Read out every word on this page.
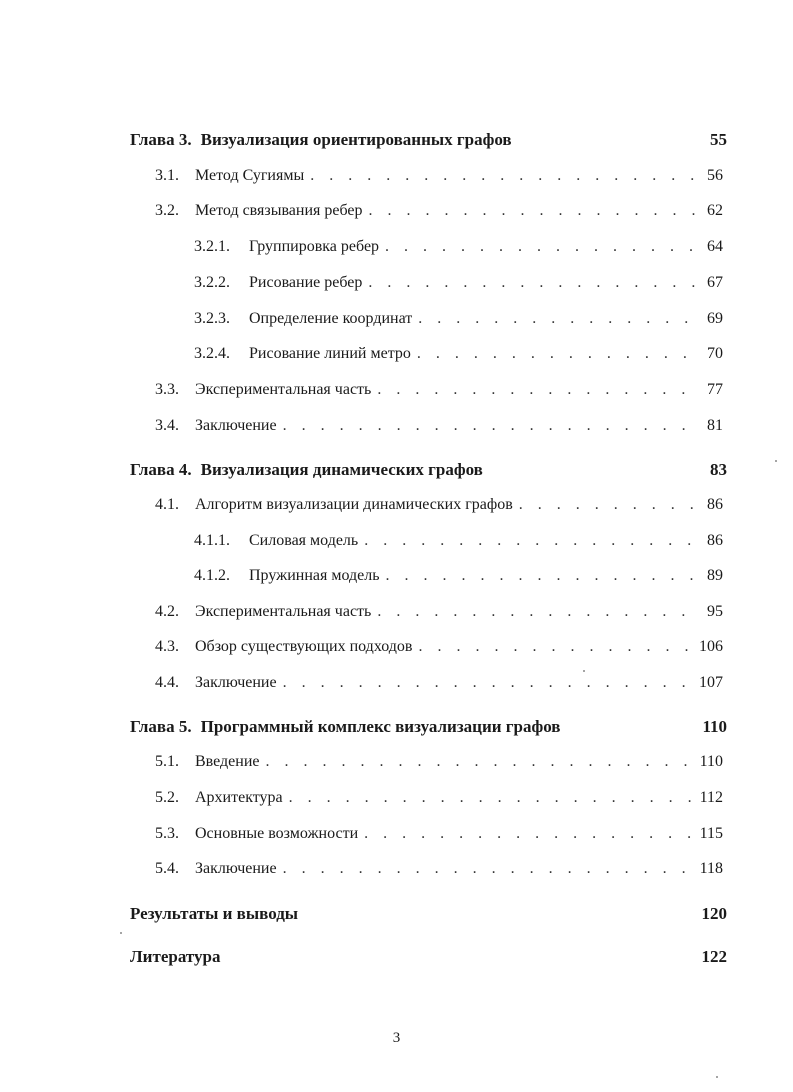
Глава 3. Визуализация ориентированных графов	55
3.1.	Метод Сугиямы . . .	56
3.2.	Метод связывания ребер . . .	62
3.2.1.	Группировка ребер . . .	64
3.2.2.	Рисование ребер . . .	67
3.2.3.	Определение координат . . .	69
3.2.4.	Рисование линий метро . . .	70
3.3.	Экспериментальная часть . . .	77
3.4.	Заключение . . .	81
Глава 4. Визуализация динамических графов	83
4.1.	Алгоритм визуализации динамических графов . . .	86
4.1.1.	Силовая модель . . .	86
4.1.2.	Пружинная модель . . .	89
4.2.	Экспериментальная часть . . .	95
4.3.	Обзор существующих подходов . . .	106
4.4.	Заключение . . .	107
Глава 5. Программный комплекс визуализации графов	110
5.1.	Введение . . .	110
5.2.	Архитектура . . .	112
5.3.	Основные возможности . . .	115
5.4.	Заключение . . .	118
Результаты и выводы	120
Литература	122
3
